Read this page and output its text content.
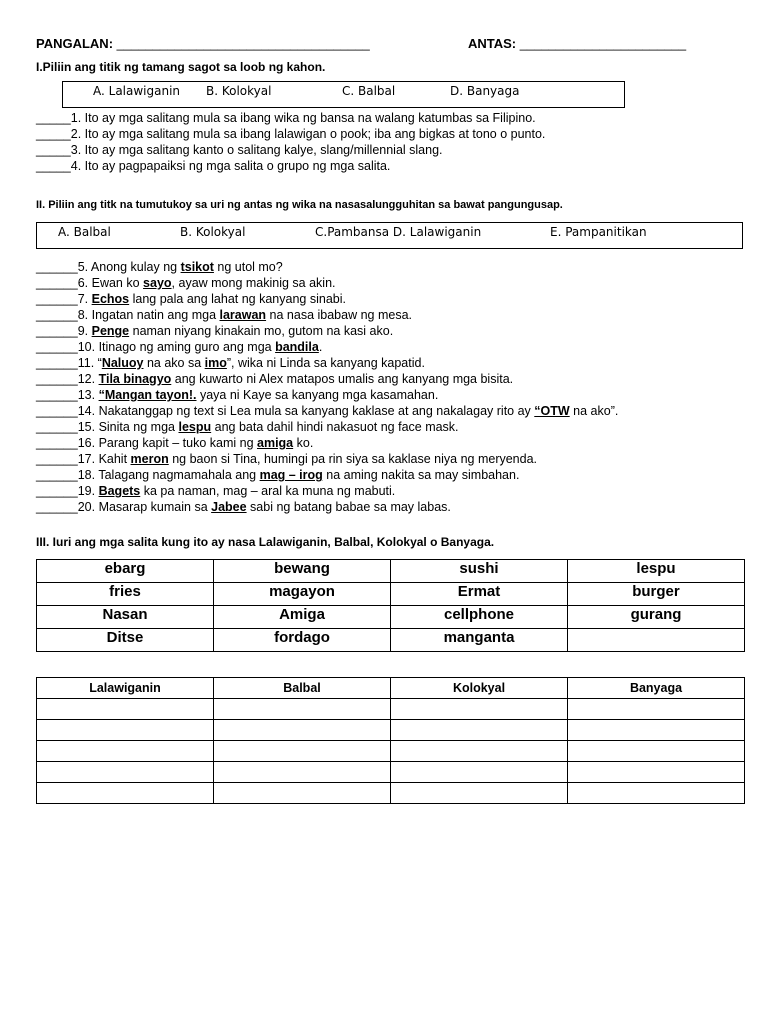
PANGALAN: ___________________________________	ANTAS: _______________________
I.Piliin ang titik ng tamang sagot sa loob ng kahon.
A. Lalawiganin B. Kolokyal	C. Balbal	D. Banyaga
_____1. Ito ay mga salitang mula sa ibang wika ng bansa na walang katumbas sa Filipino.
_____2. Ito ay mga salitang mula sa ibang lalawigan o pook; iba ang bigkas at tono o punto.
_____3. Ito ay mga salitang kanto o salitang kalye, slang/millennial slang.
_____4. Ito ay pagpapaiksi ng mga salita o grupo ng mga salita.
II. Piliin ang titk na tumutukoy sa uri ng antas ng wika na nasasalungguhitan sa bawat pangungusap.
A. Balbal	B. Kolokyal	C.Pambansa D. Lalawiganin	E. Pampanitikan
______5. Anong kulay ng tsikot ng utol mo?
______6. Ewan ko sayo, ayaw mong makinig sa akin.
______7. Echos lang pala ang lahat ng kanyang sinabi.
______8. Ingatan natin ang mga larawan na nasa ibabaw ng mesa.
______9. Penge naman niyang kinakain mo, gutom na kasi ako.
______10. Itinago ng aming guro ang mga bandila.
______11. “Naluoy na ako sa imo”, wika ni Linda sa kanyang kapatid.
______12. Tila binagyo ang kuwarto ni Alex matapos umalis ang kanyang mga bisita.
______13. “Mangan tayon!. yaya ni Kaye sa kanyang mga kasamahan.
______14. Nakatanggap ng text si Lea mula sa kanyang kaklase at ang nakalagay rito ay “OTW na ako”.
______15. Sinita ng mga lespu ang bata dahil hindi nakasuot ng face mask.
______16. Parang kapit – tuko kami ng amiga ko.
______17. Kahit meron ng baon si Tina, humingi pa rin siya sa kaklase niya ng meryenda.
______18. Talagang nagmamahala ang mag – irog na aming nakita sa may simbahan.
______19. Bagets ka pa naman, mag – aral ka muna ng mabuti.
______20. Masarap kumain sa Jabee sabi ng batang babae sa may labas.
III. Iuri ang mga salita kung ito ay nasa Lalawiganin, Balbal, Kolokyal o Banyaga.
ebarg	bewang	sushi	lespu
fries	magayon	Ermat	burger
Nasan	Amiga	cellphone	gurang
Ditse	fordago	manganta	
Lalawiganin	Balbal	Kolokyal	Banyaga
